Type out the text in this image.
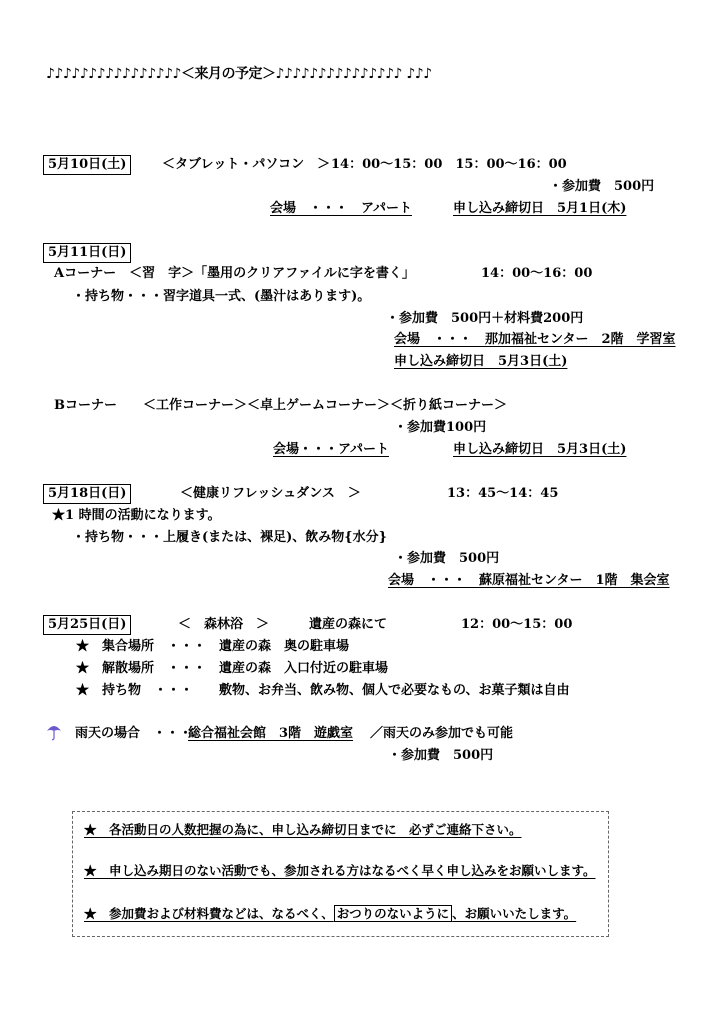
♪♪♪♪♪♪♪♪♪♪♪♪♪♪♪♪＜来月の予定＞♪♪♪♪♪♪♪♪♪♪♪♪♪♪♪ ♪♪♪
5月10日(土)	＜タブレット・パソコン　＞ 14：00～15：00　15：00～16：00
・参加費　500円
会場　・・・　アパート	申し込み締切日　5月1日(木)
5月11日(日)
Aコーナー　＜習　字＞「墨用のクリアファイルに字を書く」	14：00～16：00
・持ち物・・・習字道具一式、(墨汁はあります)。
・参加費　500円＋材料費200円
会場　・・・　那加福祉センター　2階　学習室
申し込み締切日　5月3日(土)
Bコーナー　　＜工作コーナー＞＜卓上ゲームコーナー＞＜折り紙コーナー＞
・参加費100円
会場・・・アパート	申し込み締切日　5月3日(土)
5月18日(日)	＜健康リフレッシュダンス　＞	13：45～14：45
★1 時間の活動になります。
・持ち物・・・上履き(または、裸足)、飲み物{水分}
・参加費　500円
会場　・・・　蘇原福祉センター　1階　集会室
5月25日(日)	＜　森林浴　＞	遺産の森にて	12：00～15：00
★　集合場所　・・・　遺産の森　奥の駐車場
★　解散場所　・・・　遺産の森　入口付近の駐車場
★　持ち物　・・・　　敷物、お弁当、飲み物、個人で必要なもの、お菓子類は自由
雨天の場合　・・・
総合福祉会館　3階　遊戯室 ／雨天のみ参加でも可能
・参加費　500円
★　各活動日の人数把握の為に、申し込み締切日までに　必ずご連絡下さい。
★　申し込み期日のない活動でも、参加される方はなるべく早く申し込みをお願いします。
★　参加費および材料費などは、なるべく、 おつりのないように 、お願いいたします。
